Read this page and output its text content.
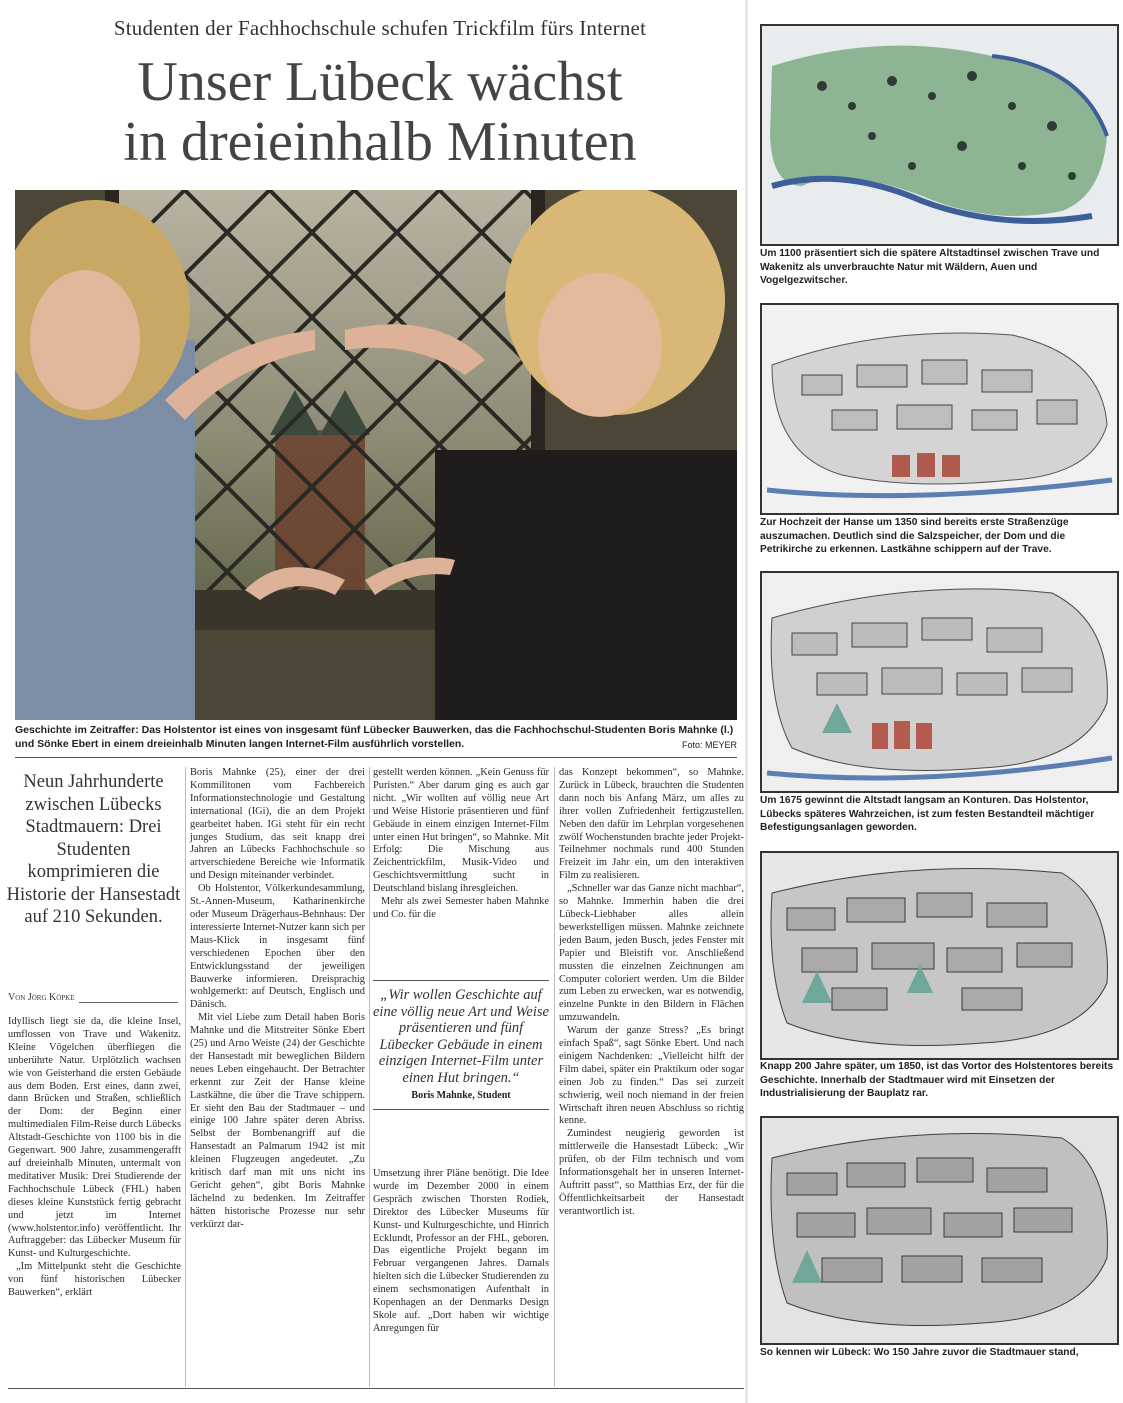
Studenten der Fachhochschule schufen Trickfilm fürs Internet
Unser Lübeck wächst
in dreieinhalb Minuten
Geschichte im Zeitraffer: Das Holstentor ist eines von insgesamt fünf Lübecker Bauwerken, das die Fachhochschul-Studenten Boris Mahnke (l.) und Sönke Ebert in einem dreieinhalb Minuten langen Internet-Film ausführlich vorstellen.	Foto: MEYER
Neun Jahrhunderte zwischen Lübecks Stadtmauern: Drei Studenten komprimieren die Historie der Hansestadt auf 210 Sekunden.
Von Jörg Köpke

Idyllisch liegt sie da, die kleine Insel, umflossen von Trave und Wakenitz. Kleine Vögelchen überfliegen die unberührte Natur. Urplötzlich wachsen wie von Geisterhand die ersten Gebäude aus dem Boden. Erst eines, dann zwei, dann Brücken und Straßen, schließlich der Dom: der Beginn einer multimedialen Film-Reise durch Lübecks Altstadt-Geschichte von 1100 bis in die Gegenwart. 900 Jahre, zusammengerafft auf dreieinhalb Minuten, untermalt von meditativer Musik: Drei Studierende der Fachhochschule Lübeck (FHL) haben dieses kleine Kunststück fertig gebracht und jetzt im Internet (www.holstentor.info) veröffentlicht. Ihr Auftraggeber: das Lübecker Museum für Kunst- und Kulturgeschichte.

„Im Mittelpunkt steht die Geschichte von fünf historischen Lübecker Bauwerken“, erklärt

Boris Mahnke (25), einer der drei Kommilitonen vom Fachbereich Informationstechnologie und Gestaltung international (IGi), die an dem Projekt gearbeitet haben. IGi steht für ein recht junges Studium, das seit knapp drei Jahren an Lübecks Fachhochschule so artverschiedene Bereiche wie Informatik und Design miteinander verbindet.

Ob Holstentor, Völkerkundesammlung, St.-Annen-Museum, Katharinenkirche oder Museum Drägerhaus-Behnhaus: Der interessierte Internet-Nutzer kann sich per Maus-Klick in insgesamt fünf verschiedenen Epochen über den Entwicklungsstand der jeweiligen Bauwerke informieren. Dreisprachig wohlgemerkt: auf Deutsch, Englisch und Dänisch.

Mit viel Liebe zum Detail haben Boris Mahnke und die Mitstreiter Sönke Ebert (25) und Arno Weiste (24) der Geschichte der Hansestadt mit beweglichen Bildern neues Leben eingehaucht. Der Betrachter erkennt zur Zeit der Hanse kleine Lastkähne, die über die Trave schippern. Er sieht den Bau der Stadtmauer – und einige 100 Jahre später deren Abriss. Selbst der Bombenangriff auf die Hansestadt an Palmarum 1942 ist mit kleinen Flugzeugen angedeutet. „Zu kritisch darf man mit uns nicht ins Gericht gehen“, gibt Boris Mahnke lächelnd zu bedenken. Im Zeitraffer hätten historische Prozesse nur sehr verkürzt dar-

gestellt werden können. „Kein Genuss für Puristen.“ Aber darum ging es auch gar nicht. „Wir wollten auf völlig neue Art und Weise Historie präsentieren und fünf Gebäude in einem einzigen Internet-Film unter einen Hut bringen“, so Mahnke. Mit Erfolg: Die Mischung aus Zeichentrickfilm, Musik-Video und Geschichtsvermittlung sucht in Deutschland bislang ihresgleichen.

Mehr als zwei Semester haben Mahnke und Co. für die

„Wir wollen Geschichte auf eine völlig neue Art und Weise präsentieren und fünf Lübecker Gebäude in einem einzigen Internet-Film unter einen Hut bringen.“
Boris Mahnke, Student

Umsetzung ihrer Pläne benötigt. Die Idee wurde im Dezember 2000 in einem Gespräch zwischen Thorsten Rodiek, Direktor des Lübecker Museums für Kunst- und Kulturgeschichte, und Hinrich Ecklundt, Professor an der FHL, geboren. Das eigentliche Projekt begann im Februar vergangenen Jahres. Damals hielten sich die Lübecker Studierenden zu einem sechsmonatigen Aufenthalt in Kopenhagen an der Denmarks Design Skole auf. „Dort haben wir wichtige Anregungen für

das Konzept bekommen“, so Mahnke. Zurück in Lübeck, brauchten die Studenten dann noch bis Anfang März, um alles zu ihrer vollen Zufriedenheit fertigzustellen. Neben den dafür im Lehrplan vorgesehenen zwölf Wochenstunden brachte jeder Projekt-Teilnehmer nochmals rund 400 Stunden Freizeit im Jahr ein, um den interaktiven Film zu realisieren.

„Schneller war das Ganze nicht machbar“, so Mahnke. Immerhin haben die drei Lübeck-Liebhaber alles allein bewerkstelligen müssen. Mahnke zeichnete jeden Baum, jeden Busch, jedes Fenster mit Papier und Bleistift vor. Anschließend mussten die einzelnen Zeichnungen am Computer coloriert werden. Um die Bilder zum Leben zu erwecken, war es notwendig, einzelne Punkte in den Bildern in Flächen umzuwandeln.

Warum der ganze Stress? „Es bringt einfach Spaß“, sagt Sönke Ebert. Und nach einigem Nachdenken: „Vielleicht hilft der Film dabei, später ein Praktikum oder sogar einen Job zu finden.“ Das sei zurzeit schwierig, weil noch niemand in der freien Wirtschaft ihren neuen Abschluss so richtig kenne.

Zumindest neugierig geworden ist mittlerweile die Hansestadt Lübeck: „Wir prüfen, ob der Film technisch und vom Informationsgehalt her in unseren Internet-Auftritt passt“, so Matthias Erz, der für die Öffentlichkeitsarbeit der Hansestadt verantwortlich ist.

Um 1100 präsentiert sich die spätere Altstadtinsel zwischen Trave und Wakenitz als unverbrauchte Natur mit Wäldern, Auen und Vogelgezwitscher.
Zur Hochzeit der Hanse um 1350 sind bereits erste Straßenzüge auszumachen. Deutlich sind die Salzspeicher, der Dom und die Petrikirche zu erkennen. Lastkähne schippern auf der Trave.
Um 1675 gewinnt die Altstadt langsam an Konturen. Das Holstentor, Lübecks späteres Wahrzeichen, ist zum festen Bestandteil mächtiger Befestigungsanlagen geworden.
Knapp 200 Jahre später, um 1850, ist das Vortor des Holstentores bereits Geschichte. Innerhalb der Stadtmauer wird mit Einsetzen der Industrialisierung der Bauplatz rar.
So kennen wir Lübeck: Wo 150 Jahre zuvor die Stadtmauer stand,
